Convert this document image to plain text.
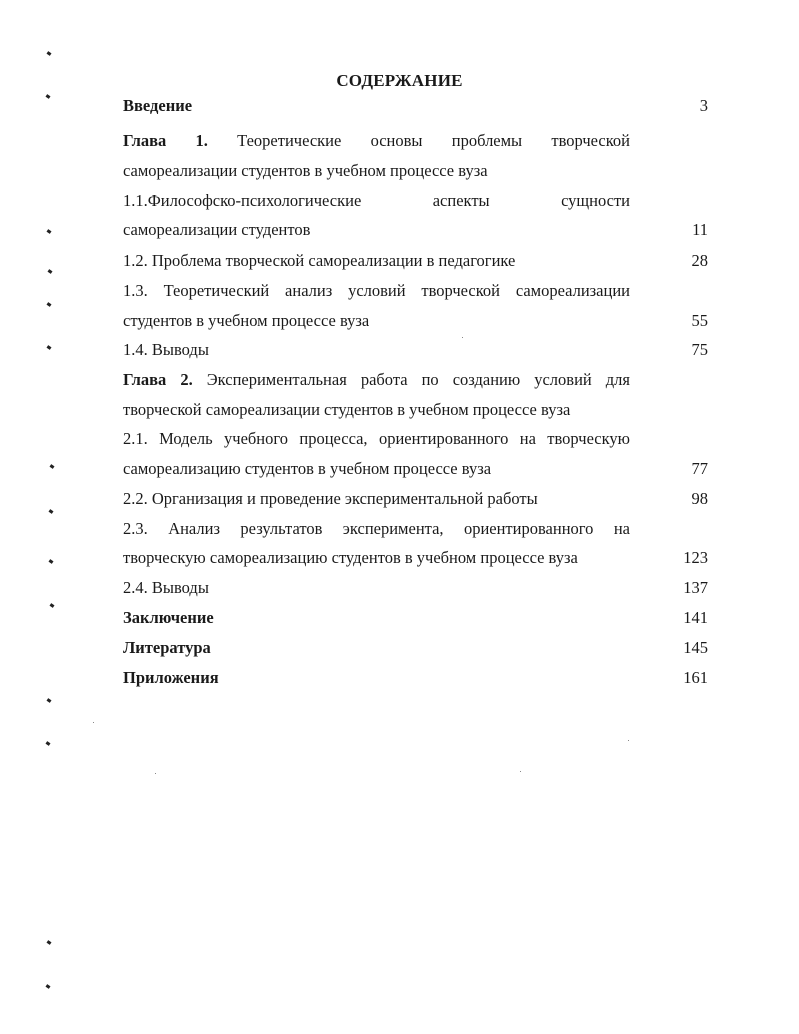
СОДЕРЖАНИЕ
Введение	3
Глава 1. Теоретические основы проблемы творческой
самореализации студентов в учебном процессе вуза
1.1.Философско-психологические аспекты сущности
самореализации студентов	11
1.2. Проблема творческой самореализации в педагогике	28
1.3. Теоретический анализ условий творческой самореализации
студентов в учебном процессе вуза	55
1.4. Выводы	75
Глава 2. Экспериментальная работа по созданию условий для
творческой самореализации студентов в учебном процессе вуза
2.1. Модель учебного процесса, ориентированного на творческую
самореализацию студентов в учебном процессе вуза	77
2.2. Организация и проведение экспериментальной работы	98
2.3. Анализ результатов эксперимента, ориентированного на
творческую самореализацию студентов в учебном процессе вуза	123
2.4. Выводы	137
Заключение	141
Литература	145
Приложения	161
